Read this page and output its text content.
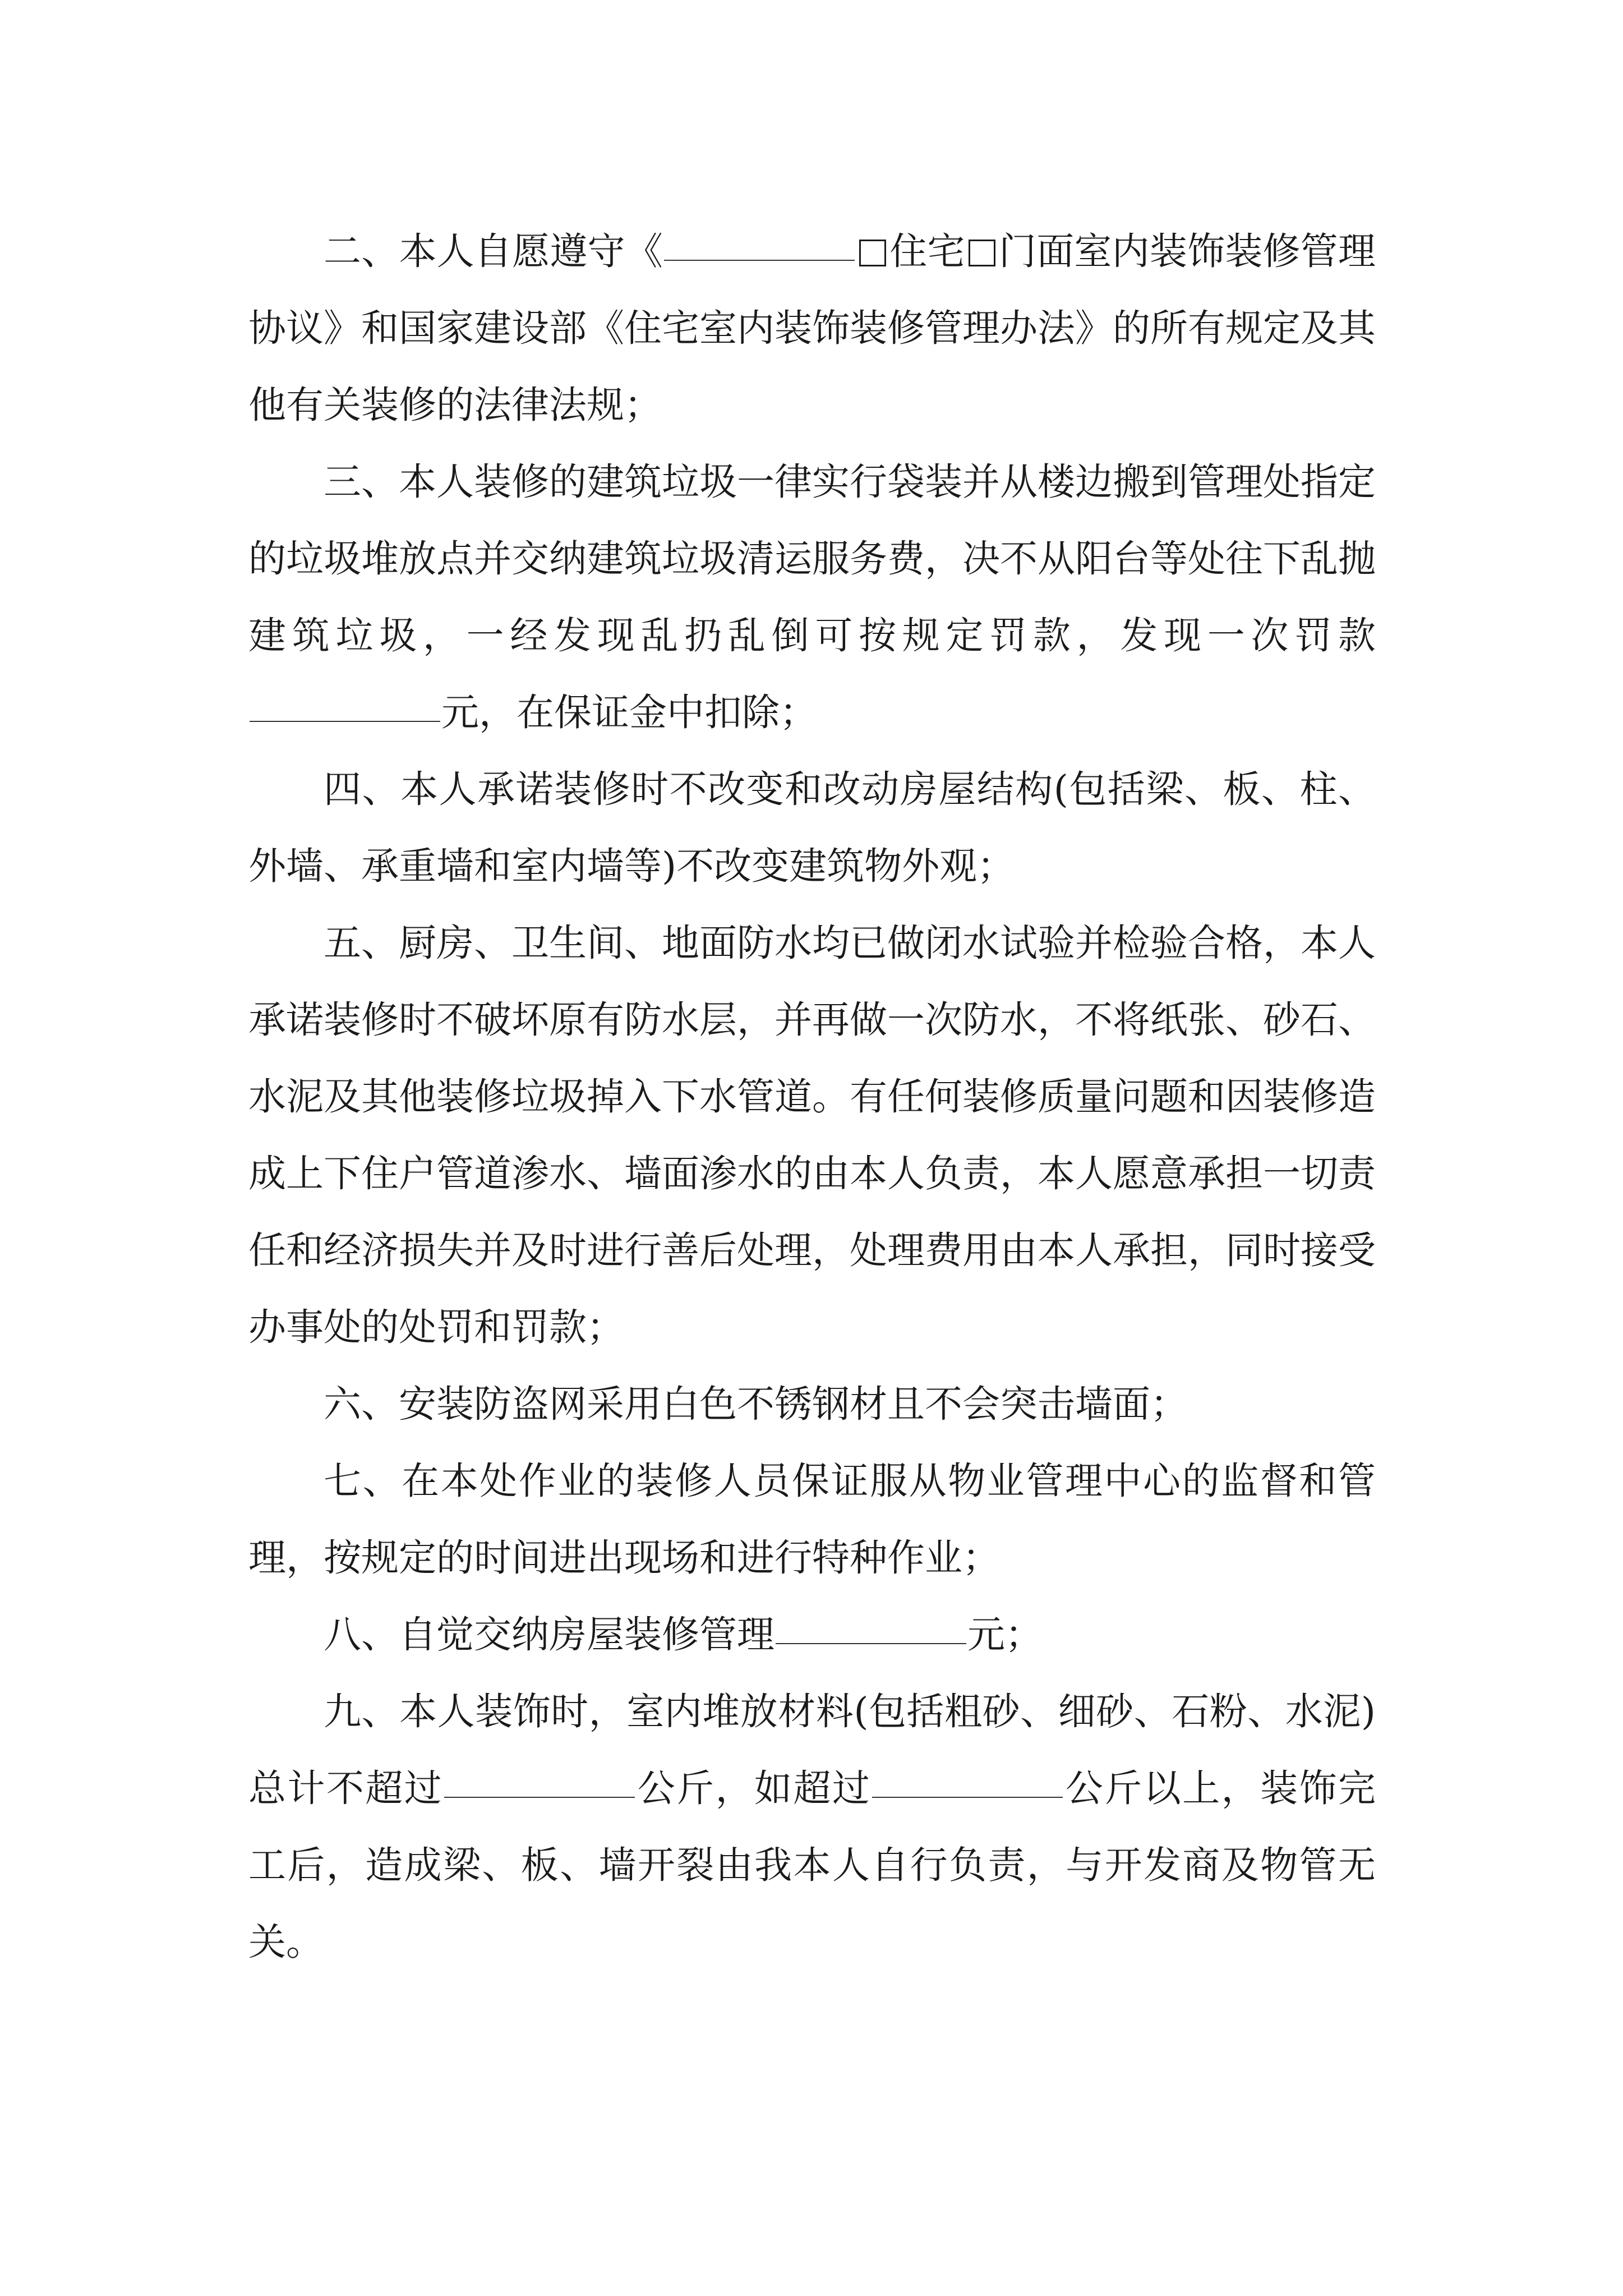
二、本人自愿遵守《	住宅 门面室内装饰装修管理协议》和国家建设部《住宅室内装饰装修管理办法》的所有规定及其他有关装修的法律法规；

三、本人装修的建筑垃圾一律实行袋装并从楼边搬到管理处指定的垃圾堆放点并交纳建筑垃圾清运服务费，决不从阳台等处往下乱抛建筑垃圾，一经发现乱扔乱倒可按规定罚款，发现一次罚款元，在保证金中扣除；

四、本人承诺装修时不改变和改动房屋结构(包括梁、板、柱、外墙、承重墙和室内墙等)不改变建筑物外观；

五、厨房、卫生间、地面防水均已做闭水试验并检验合格，本人承诺装修时不破坏原有防水层，并再做一次防水，不将纸张、砂石、水泥及其他装修垃圾掉入下水管道。有任何装修质量问题和因装修造成上下住户管道渗水、墙面渗水的由本人负责，本人愿意承担一切责任和经济损失并及时进行善后处理，处理费用由本人承担，同时接受办事处的处罚和罚款；

六、安装防盗网采用白色不锈钢材且不会突击墙面；

七、在本处作业的装修人员保证服从物业管理中心的监督和管理，按规定的时间进出现场和进行特种作业；

八、自觉交纳房屋装修管理	元；

九、本人装饰时，室内堆放材料(包括粗砂、细砂、石粉、水泥)总计不超过	公斤，如超过	公斤以上，装饰完工后，造成梁、板、墙开裂由我本人自行负责，与开发商及物管无关。
